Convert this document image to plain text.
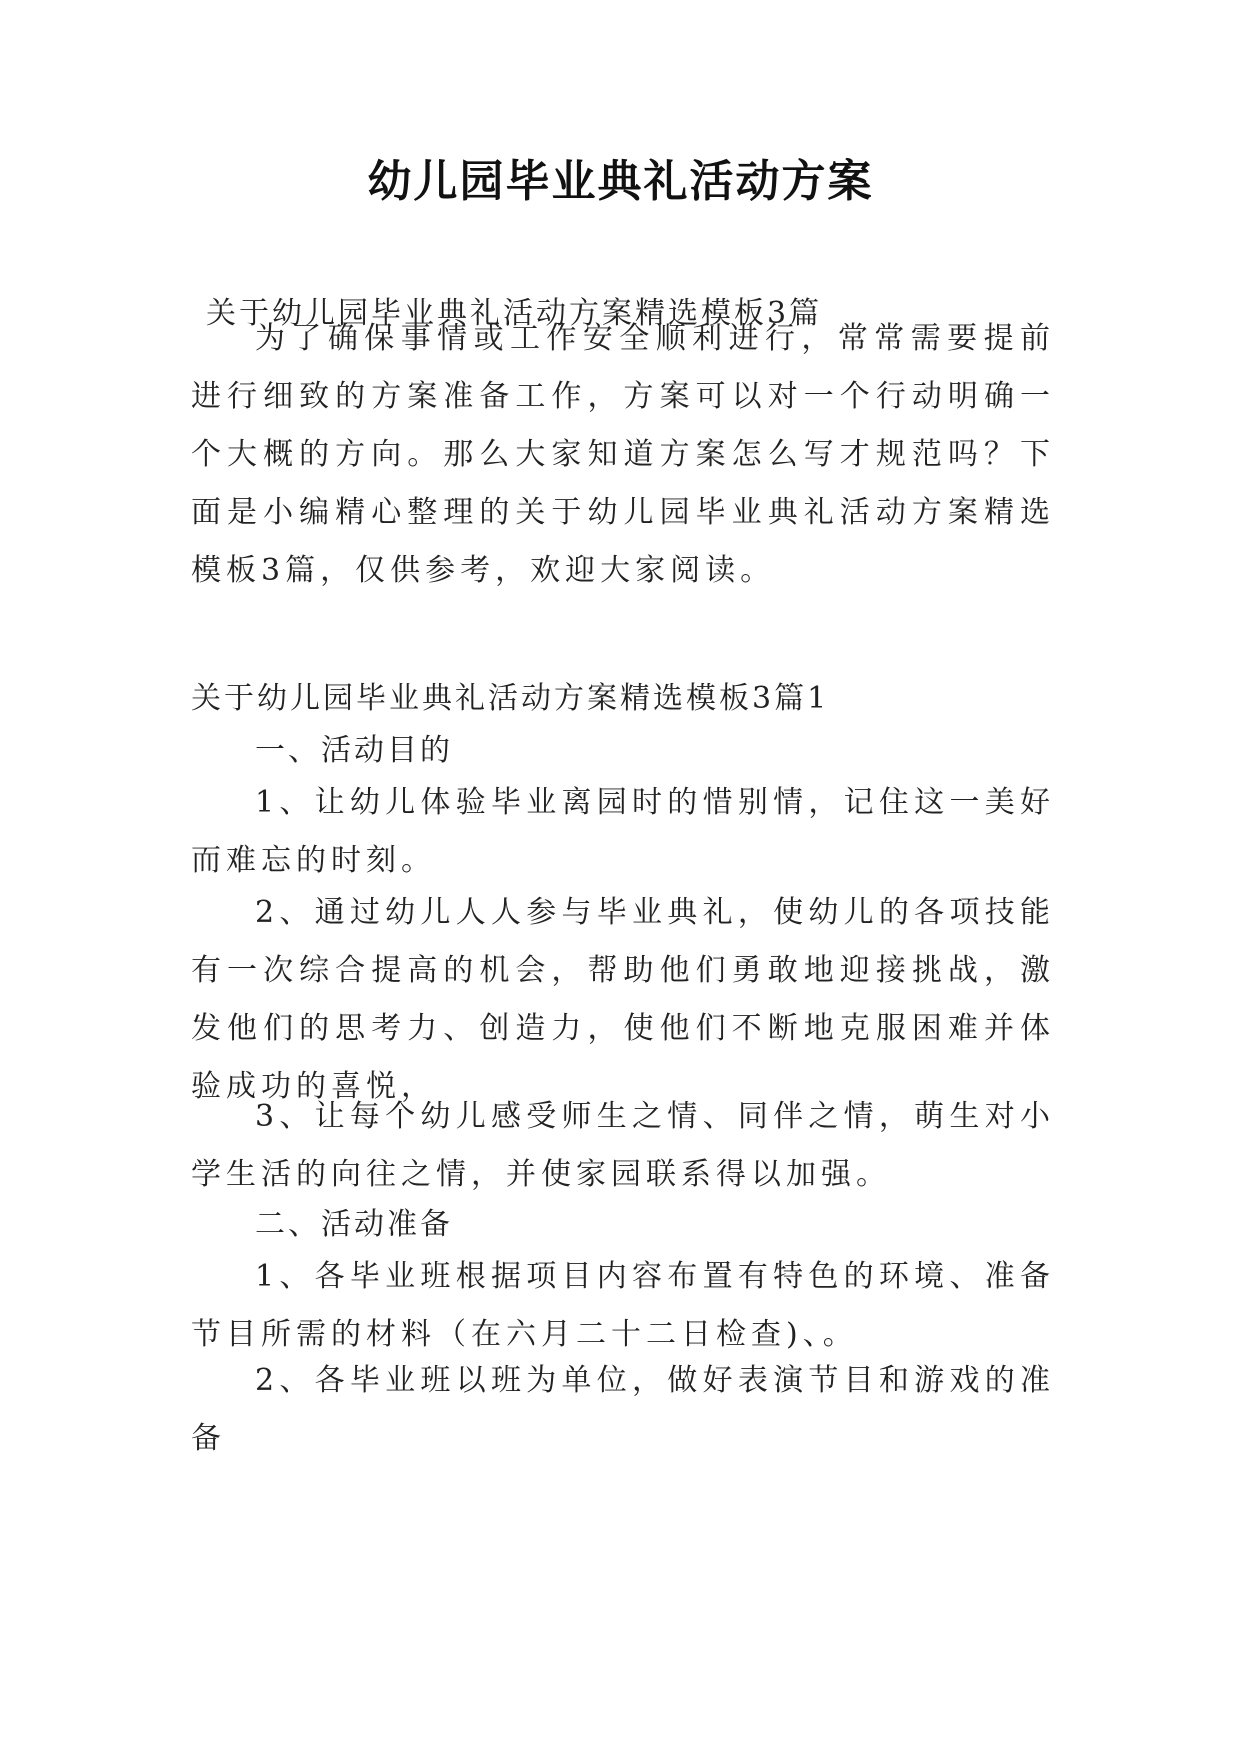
幼儿园毕业典礼活动方案

关于幼儿园毕业典礼活动方案精选模板3篇

为了确保事情或工作安全顺利进行，常常需要提前进行细致的方案准备工作，方案可以对一个行动明确一个大概的方向。那么大家知道方案怎么写才规范吗？下面是小编精心整理的关于幼儿园毕业典礼活动方案精选模板3篇，仅供参考，欢迎大家阅读。

关于幼儿园毕业典礼活动方案精选模板3篇1

一、活动目的

1、让幼儿体验毕业离园时的惜别情，记住这一美好而难忘的时刻。

2、通过幼儿人人参与毕业典礼，使幼儿的各项技能有一次综合提高的机会，帮助他们勇敢地迎接挑战，激发他们的思考力、创造力，使他们不断地克服困难并体验成功的喜悦，

3、让每个幼儿感受师生之情、同伴之情，萌生对小学生活的向往之情，并使家园联系得以加强。

二、活动准备

1、各毕业班根据项目内容布置有特色的环境、准备节目所需的材料（在六月二十二日检查)、。

2、各毕业班以班为单位，做好表演节目和游戏的准备
